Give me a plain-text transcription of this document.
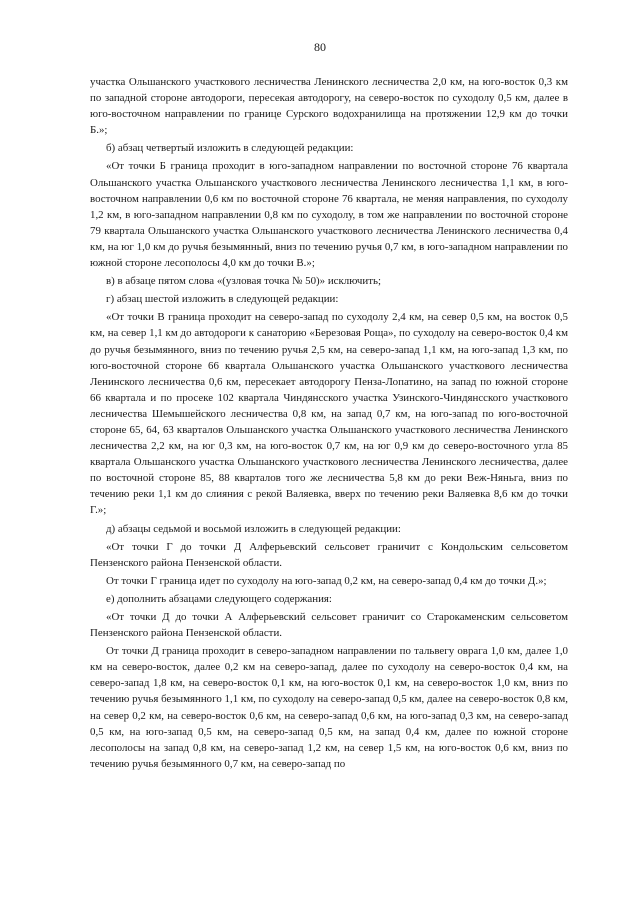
80

участка Ольшанского участкового лесничества Ленинского лесничества 2,0 км, на юго-восток 0,3 км по западной стороне автодороги, пересекая автодорогу, на северо-восток по суходолу 0,5 км, далее в юго-восточном направлении по границе Сурского водохранилища на протяжении 12,9 км до точки Б.»;

б) абзац четвертый изложить в следующей редакции:

«От точки Б граница проходит в юго-западном направлении по восточной стороне 76 квартала Ольшанского участка Ольшанского участкового лесничества Ленинского лесничества 1,1 км, в юго-восточном направлении 0,6 км по восточной стороне 76 квартала, не меняя направления, по суходолу 1,2 км, в юго-западном направлении 0,8 км по суходолу, в том же направлении по восточной стороне 79 квартала Ольшанского участка Ольшанского участкового лесничества Ленинского лесничества 0,4 км, на юг 1,0 км до ручья безымянный, вниз по течению ручья 0,7 км, в юго-западном направлении по южной стороне лесополосы 4,0 км до точки В.»;

в) в абзаце пятом слова «(узловая точка № 50)» исключить;

г) абзац шестой изложить в следующей редакции:

«От точки В граница проходит на северо-запад по суходолу 2,4 км, на север 0,5 км, на восток 0,5 км, на север 1,1 км до автодороги к санаторию «Березовая Роща», по суходолу на северо-восток 0,4 км до ручья безымянного, вниз по течению ручья 2,5 км, на северо-запад 1,1 км, на юго-запад 1,3 км, по юго-восточной стороне 66 квартала Ольшанского участка Ольшанского участкового лесничества Ленинского лесничества 0,6 км, пересекает автодорогу Пенза-Лопатино, на запад по южной стороне 66 квартала и по просеке 102 квартала Чиндянсского участка Узинского-Чиндянсского участкового лесничества Шемышейского лесничества 0,8 км, на запад 0,7 км, на юго-запад по юго-восточной стороне 65, 64, 63 кварталов Ольшанского участка Ольшанского участкового лесничества Ленинского лесничества 2,2 км, на юг 0,3 км, на юго-восток 0,7 км, на юг 0,9 км до северо-восточного угла 85 квартала Ольшанского участка Ольшанского участкового лесничества Ленинского лесничества, далее по восточной стороне 85, 88 кварталов того же лесничества 5,8 км до реки Веж-Няньга, вниз по течению реки 1,1 км до слияния с рекой Валяевка, вверх по течению реки Валяевка 8,6 км до точки Г.»;

д) абзацы седьмой и восьмой изложить в следующей редакции:

«От точки Г до точки Д Алферьевский сельсовет граничит с Кондольским сельсоветом Пензенского района Пензенской области.

От точки Г граница идет по суходолу на юго-запад 0,2 км, на северо-запад 0,4 км до точки Д.»;

е) дополнить абзацами следующего содержания:

«От точки Д до точки А Алферьевский сельсовет граничит со Старокаменским сельсоветом Пензенского района Пензенской области.

От точки Д граница проходит в северо-западном направлении по тальвегу оврага 1,0 км, далее 1,0 км на северо-восток, далее 0,2 км на северо-запад, далее по суходолу на северо-восток 0,4 км, на северо-запад 1,8 км, на северо-восток 0,1 км, на юго-восток 0,1 км, на северо-восток 1,0 км, вниз по течению ручья безымянного 1,1 км, по суходолу на северо-запад 0,5 км, далее на северо-восток 0,8 км, на север 0,2 км, на северо-восток 0,6 км, на северо-запад 0,6 км, на юго-запад 0,3 км, на северо-запад 0,5 км, на юго-запад 0,5 км, на северо-запад 0,5 км, на запад 0,4 км, далее по южной стороне лесополосы на запад 0,8 км, на северо-запад 1,2 км, на север 1,5 км, на юго-восток 0,6 км, вниз по течению ручья безымянного 0,7 км, на северо-запад по
